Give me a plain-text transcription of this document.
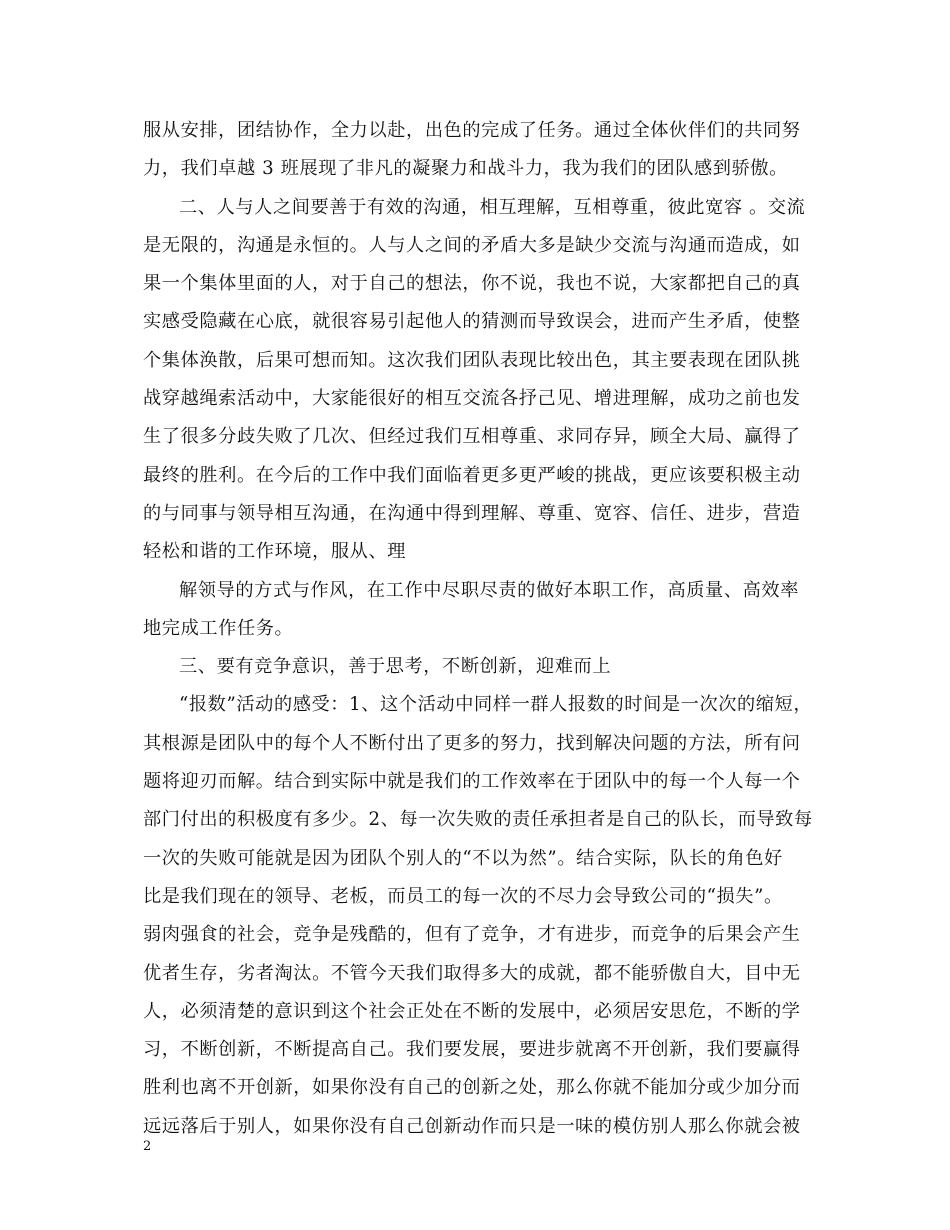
服从安排，团结协作，全力以赴，出色的完成了任务。通过全体伙伴们的共同努
力，我们卓越 3 班展现了非凡的凝聚力和战斗力，我为我们的团队感到骄傲。
二、人与人之间要善于有效的沟通，相互理解，互相尊重，彼此宽容 。交流
是无限的，沟通是永恒的。人与人之间的矛盾大多是缺少交流与沟通而造成，如
果一个集体里面的人，对于自己的想法，你不说，我也不说，大家都把自己的真
实感受隐藏在心底，就很容易引起他人的猜测而导致误会，进而产生矛盾，使整
个集体涣散，后果可想而知。这次我们团队表现比较出色，其主要表现在团队挑
战穿越绳索活动中，大家能很好的相互交流各抒己见、增进理解，成功之前也发
生了很多分歧失败了几次、但经过我们互相尊重、求同存异，顾全大局、赢得了
最终的胜利。在今后的工作中我们面临着更多更严峻的挑战，更应该要积极主动
的与同事与领导相互沟通，在沟通中得到理解、尊重、宽容、信任、进步，营造
轻松和谐的工作环境，服从、理
解领导的方式与作风，在工作中尽职尽责的做好本职工作，高质量、高效率
地完成工作任务。
三、要有竞争意识，善于思考，不断创新，迎难而上
“报数”活动的感受：1、这个活动中同样一群人报数的时间是一次次的缩短，
其根源是团队中的每个人不断付出了更多的努力，找到解决问题的方法，所有问
题将迎刃而解。结合到实际中就是我们的工作效率在于团队中的每一个人每一个
部门付出的积极度有多少。2、每一次失败的责任承担者是自己的队长，而导致每
一次的失败可能就是因为团队个别人的“不以为然”。结合实际，队长的角色好
比是我们现在的领导、老板，而员工的每一次的不尽力会导致公司的“损失”。
弱肉强食的社会，竞争是残酷的，但有了竞争，才有进步，而竞争的后果会产生
优者生存，劣者淘汰。不管今天我们取得多大的成就，都不能骄傲自大，目中无
人，必须清楚的意识到这个社会正处在不断的发展中，必须居安思危，不断的学
习，不断创新，不断提高自己。我们要发展，要进步就离不开创新，我们要赢得
胜利也离不开创新，如果你没有自己的创新之处，那么你就不能加分或少加分而
远远落后于别人，如果你没有自己创新动作而只是一味的模仿别人那么你就会被
2
